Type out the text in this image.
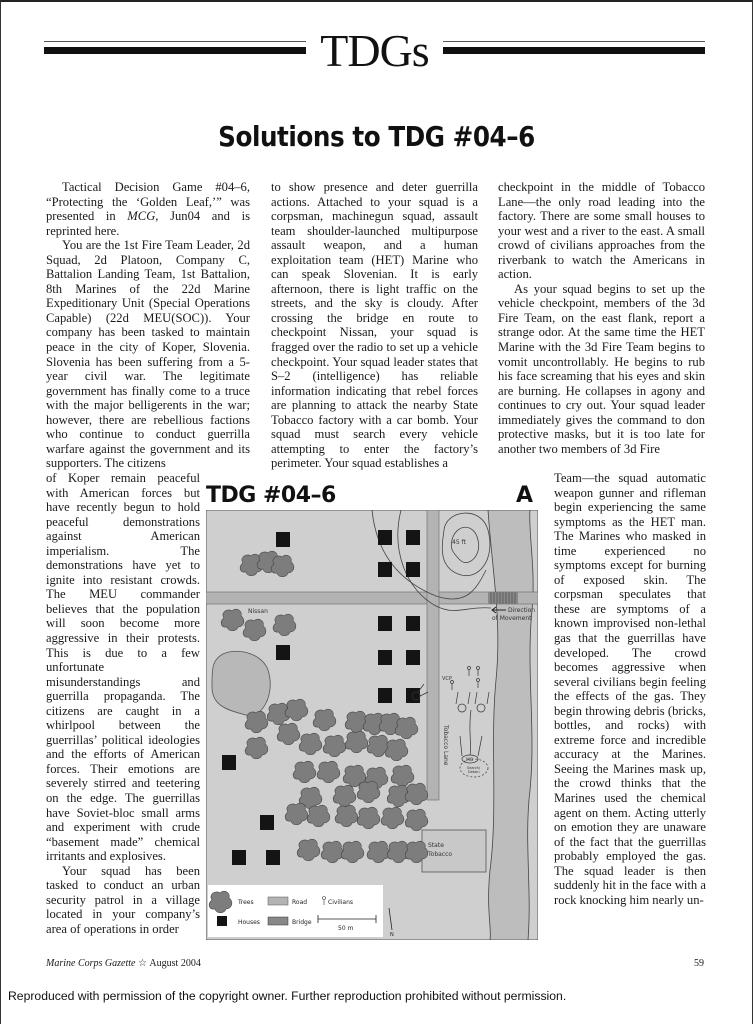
TDGs
Solutions to TDG #04–6

Tactical Decision Game #04–6, “Protecting the ‘Golden Leaf,’” was presented in MCG, Jun04 and is reprinted here.

You are the 1st Fire Team Leader, 2d Squad, 2d Platoon, Company C, Battalion Landing Team, 1st Battalion, 8th Marines of the 22d Marine Expeditionary Unit (Special Operations Capable) (22d MEU(SOC)). Your company has been tasked to maintain peace in the city of Koper, Slovenia. Slovenia has been suffering from a 5-year civil war. The legitimate government has finally come to a truce with the major belligerents in the war; however, there are rebellious factions who continue to conduct guerrilla warfare against the government and its supporters. The citizens

of Koper remain peaceful with American forces but have recently begun to hold peaceful demonstrations against American imperialism. The demonstrations have yet to ignite into resistant crowds. The MEU commander believes that the population will soon become more aggressive in their protests. This is due to a few unfortunate misunderstandings and guerrilla propaganda. The citizens are caught in a whirlpool between the guerrillas’ political ideologies and the efforts of American forces. Their emotions are severely stirred and teetering on the edge. The guerrillas have Soviet-bloc small arms and experiment with crude “basement made” chemical irritants and explosives.

Your squad has been tasked to conduct an urban security patrol in a village located in your company’s area of operations in order

to show presence and deter guerrilla actions. Attached to your squad is a corpsman, machinegun squad, assault team shoulder-launched multipurpose assault weapon, and a human exploitation team (HET) Marine who can speak Slovenian. It is early afternoon, there is light traffic on the streets, and the sky is cloudy. After crossing the bridge en route to checkpoint Nissan, your squad is fragged over the radio to set up a vehicle checkpoint. Your squad leader states that S–2 (intelligence) has reliable information indicating that rebel forces are planning to attack the nearby State Tobacco factory with a car bomb. Your squad must search every vehicle attempting to enter the factory’s perimeter. Your squad establishes a

checkpoint in the middle of Tobacco Lane—the only road leading into the factory. There are some small houses to your west and a river to the east. A small crowd of civilians approaches from the riverbank to watch the Americans in action.

As your squad begins to set up the vehicle checkpoint, members of the 3d Fire Team, on the east flank, report a strange odor. At the same time the HET Marine with the 3d Fire Team begins to vomit uncontrollably. He begins to rub his face screaming that his eyes and skin are burning. He collapses in agony and continues to cry out. Your squad leader immediately gives the command to don protective masks, but it is too late for another two members of 3d Fire

Team—the squad automatic weapon gunner and rifleman begin experiencing the same symptoms as the HET man. The Marines who masked in time experienced no symptoms except for burning of exposed skin. The corpsman speculates that these are symptoms of a known improvised non-lethal gas that the guerrillas have developed. The crowd becomes aggressive when several civilians begin feeling the effects of the gas. They begin throwing debris (bricks, bottles, and rocks) with extreme force and incredible accuracy at the Marines. Seeing the Marines mask up, the crowd thinks that the Marines used the chemical agent on them. Acting utterly on emotion they are unaware of the fact that the guerrillas probably employed the gas. The squad leader is then suddenly hit in the face with a rock knocking him nearly un-

TDG #04–6	A
VCP
MG
Search/
Detain
45 ft
Nissan	Direction
of Movement
Tobacco Lane
State
Tobacco
Trees	Road	Civilians
Houses	Bridge
50 m
N
Marine Corps Gazette ☆ August 2004	59
Reproduced with permission of the copyright owner. Further reproduction prohibited without permission.
